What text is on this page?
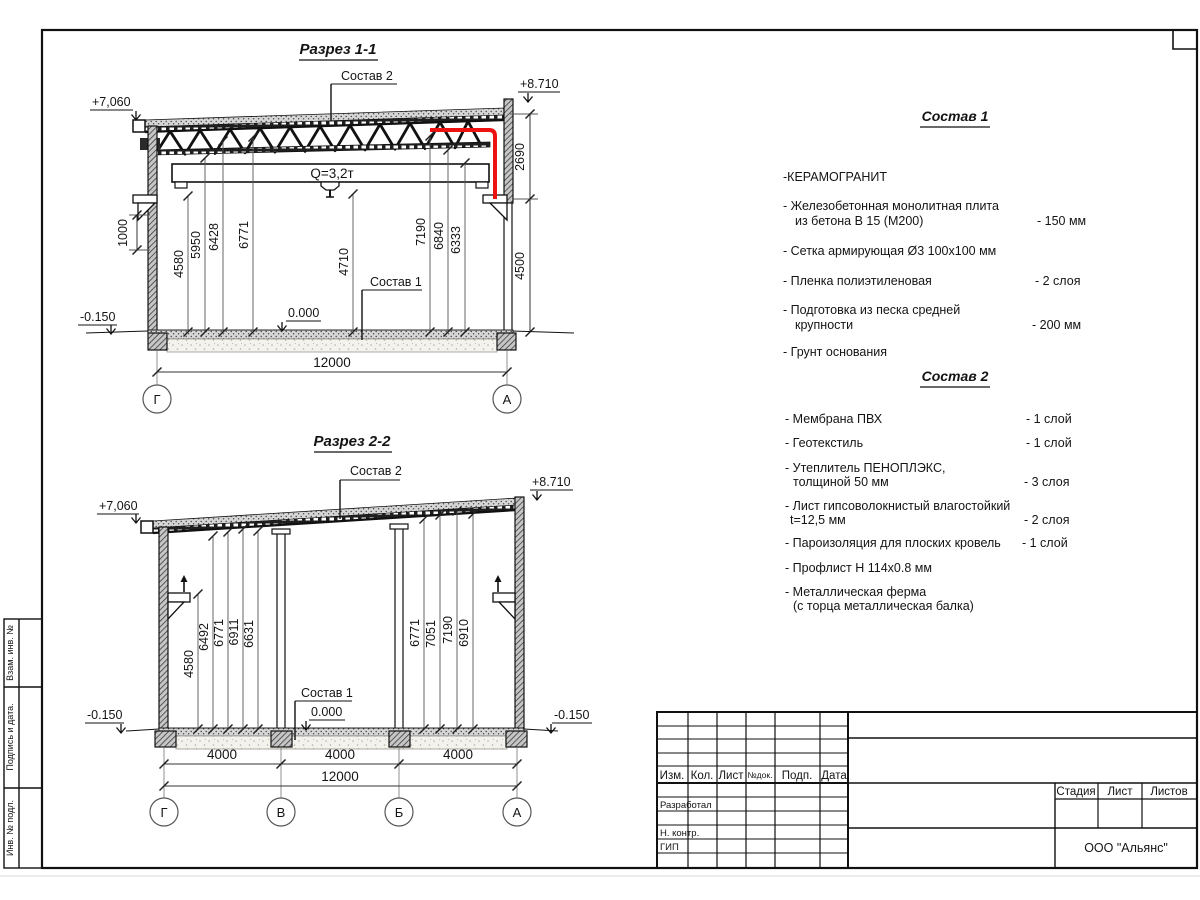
Взам. инв. №
Подпись и дата.
Инв. № подл.
Разрез 1-1
Q=3,2т
4580
5950 6428 6771
4710
7190 6840 6333
1000
2690
4500
+7,060
+8.710
0.000
-0.150
Состав 2
Состав 1
12000
Г	А
Разрез 2-2
4580
6492 6771 6911 6631	6771 7051 7190 6910
+7,060
+8.710
0.000
-0.150	-0.150
Состав 2
Состав 1
4000	4000	4000
12000
Г	В	Б	А
Состав 1
-КЕРАМОГРАНИТ
- Железобетонная монолитная плита
из бетона В 15 (М200)	- 150 мм
- Сетка армирующая Ø3 100х100 мм
- Пленка полиэтиленовая	- 2 слоя
- Подготовка из песка средней
крупности	- 200 мм
- Грунт основания
Состав 2
- Мембрана ПВХ	- 1 слой
- Геотекстиль	- 1 слой
- Утеплитель ПЕНОПЛЭКС,
толщиной 50 мм	- 3 слоя
- Лист гипсоволокнистый влагостойкий
t=12,5 мм	- 2 слоя
- Пароизоляция для плоских кровель - 1 слой
- Профлист Н 114х0.8 мм
- Металлическая ферма
(с торца металлическая балка)
Изм. Кол. Лист №док. Подп. Дата
Разработал
Н. контр.
ГИП
Стадия Лист Листов
ООО "Альянс"
